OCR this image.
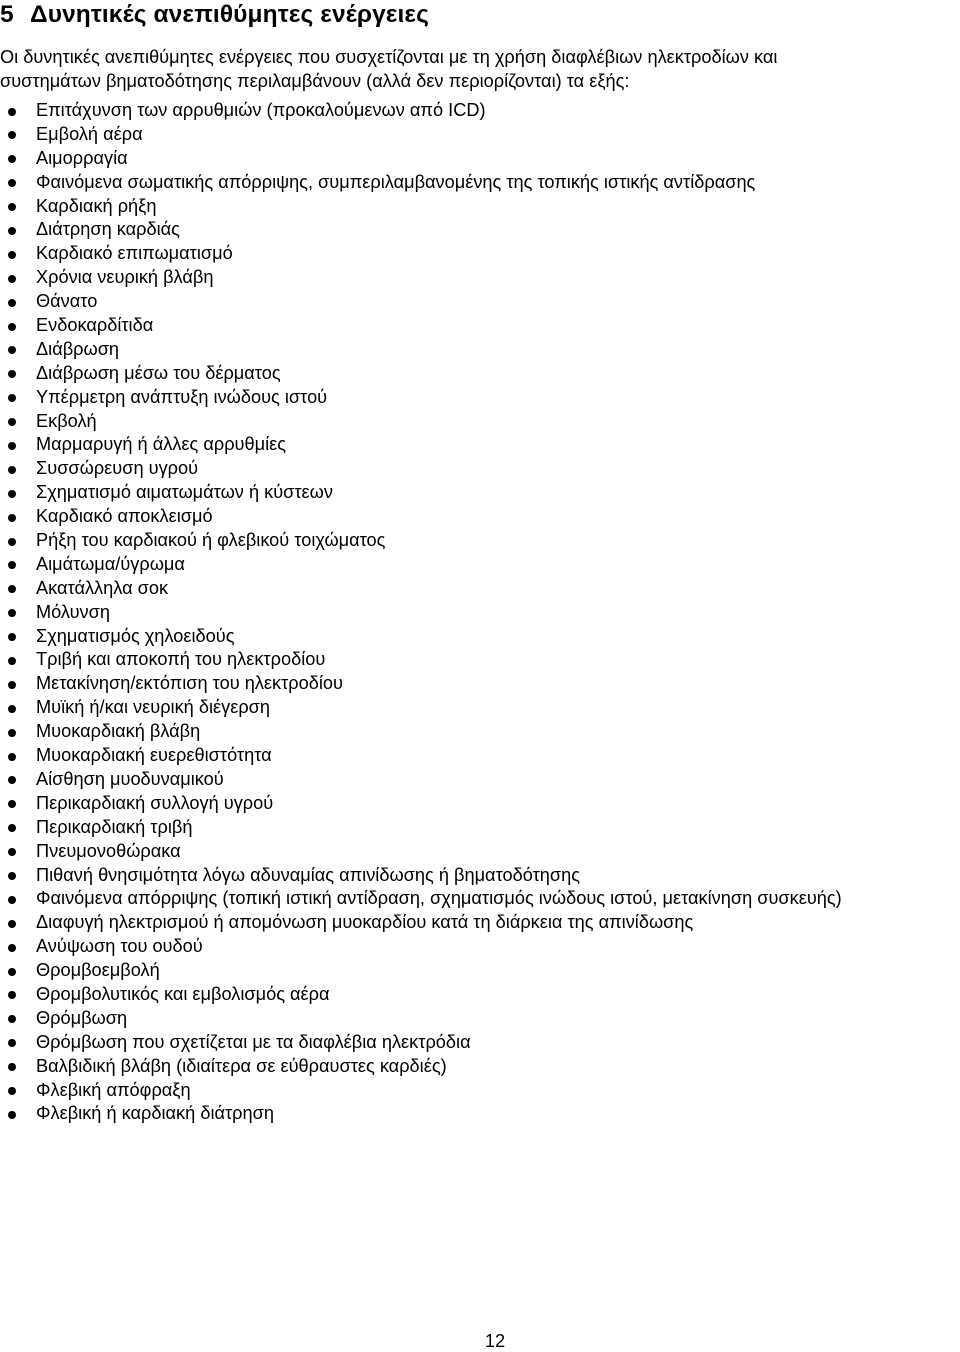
5 Δυνητικές ανεπιθύμητες ενέργειες
Οι δυνητικές ανεπιθύμητες ενέργειες που συσχετίζονται με τη χρήση διαφλέβιων ηλεκτροδίων και
συστημάτων βηματοδότησης περιλαμβάνουν (αλλά δεν περιορίζονται) τα εξής:
Επιτάχυνση των αρρυθμιών (προκαλούμενων από ICD)
Εμβολή αέρα
Αιμορραγία
Φαινόμενα σωματικής απόρριψης, συμπεριλαμβανομένης της τοπικής ιστικής αντίδρασης
Καρδιακή ρήξη
Διάτρηση καρδιάς
Καρδιακό επιπωματισμό
Χρόνια νευρική βλάβη
Θάνατο
Ενδοκαρδίτιδα
Διάβρωση
Διάβρωση μέσω του δέρματος
Υπέρμετρη ανάπτυξη ινώδους ιστού
Εκβολή
Μαρμαρυγή ή άλλες αρρυθμίες
Συσσώρευση υγρού
Σχηματισμό αιματωμάτων ή κύστεων
Καρδιακό αποκλεισμό
Ρήξη του καρδιακού ή φλεβικού τοιχώματος
Αιμάτωμα/ύγρωμα
Ακατάλληλα σοκ
Μόλυνση
Σχηματισμός χηλοειδούς
Τριβή και αποκοπή του ηλεκτροδίου
Μετακίνηση/εκτόπιση του ηλεκτροδίου
Μυϊκή ή/και νευρική διέγερση
Μυοκαρδιακή βλάβη
Μυοκαρδιακή ευερεθιστότητα
Αίσθηση μυοδυναμικού
Περικαρδιακή συλλογή υγρού
Περικαρδιακή τριβή
Πνευμονοθώρακα
Πιθανή θνησιμότητα λόγω αδυναμίας απινίδωσης ή βηματοδότησης
Φαινόμενα απόρριψης (τοπική ιστική αντίδραση, σχηματισμός ινώδους ιστού, μετακίνηση συσκευής)
Διαφυγή ηλεκτρισμού ή απομόνωση μυοκαρδίου κατά τη διάρκεια της απινίδωσης
Ανύψωση του ουδού
Θρομβοεμβολή
Θρομβολυτικός και εμβολισμός αέρα
Θρόμβωση
Θρόμβωση που σχετίζεται με τα διαφλέβια ηλεκτρόδια
Βαλβιδική βλάβη (ιδιαίτερα σε εύθραυστες καρδιές)
Φλεβική απόφραξη
Φλεβική ή καρδιακή διάτρηση
12
